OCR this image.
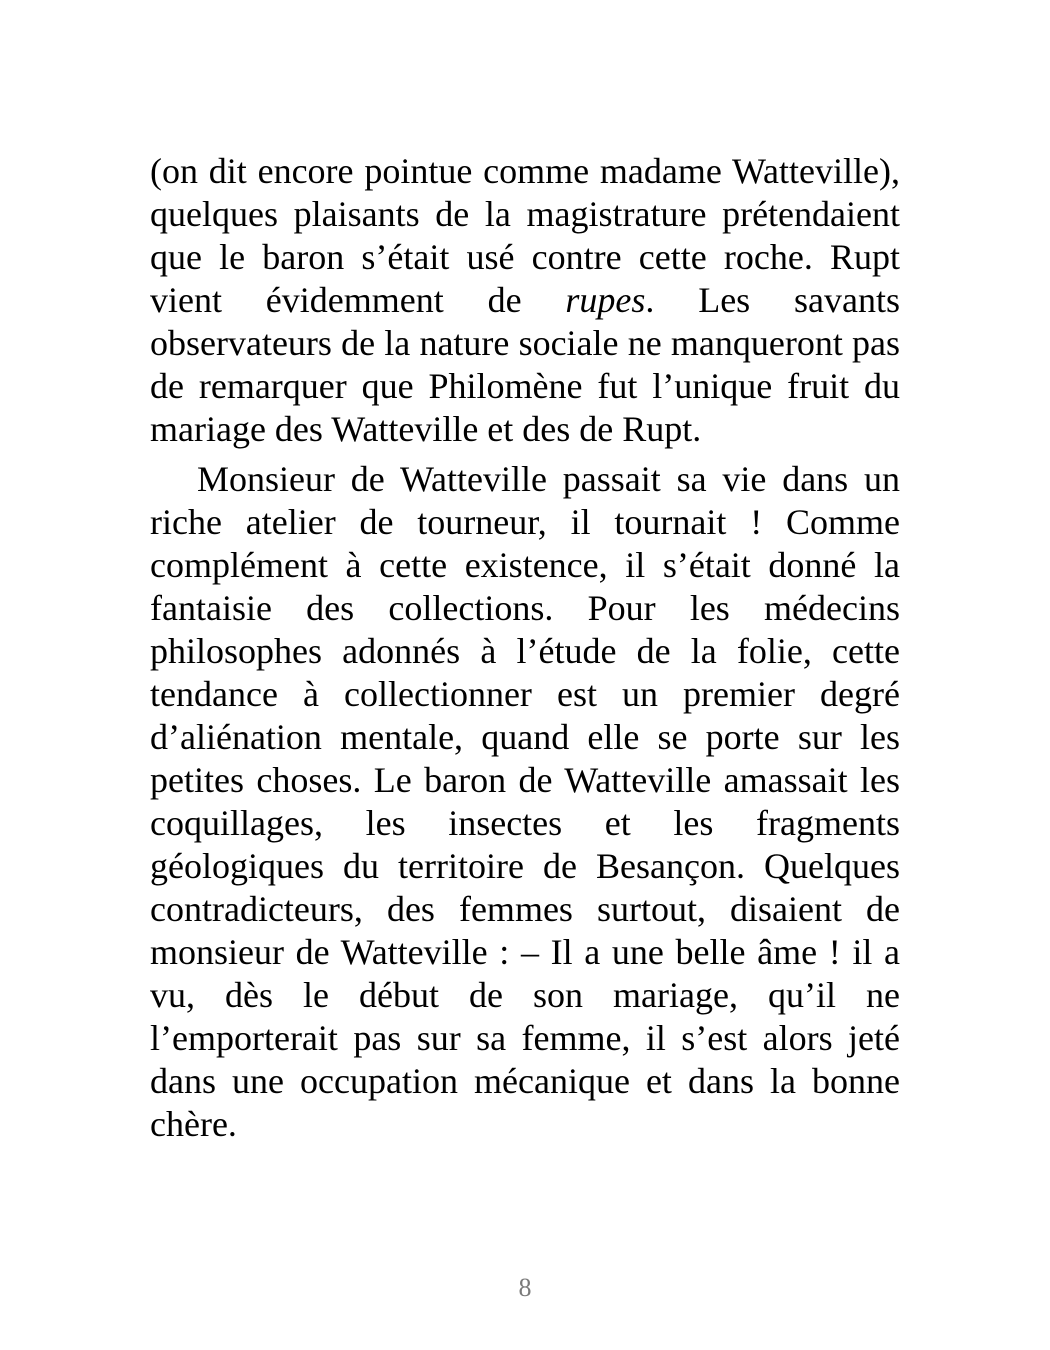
(on dit encore pointue comme madame Watteville), quelques plaisants de la magistrature prétendaient que le baron s’était usé contre cette roche. Rupt vient évidemment de rupes. Les savants observateurs de la nature sociale ne manqueront pas de remarquer que Philomène fut l’unique fruit du mariage des Watteville et des de Rupt.

Monsieur de Watteville passait sa vie dans un riche atelier de tourneur, il tournait ! Comme complément à cette existence, il s’était donné la fantaisie des collections. Pour les médecins philosophes adonnés à l’étude de la folie, cette tendance à collectionner est un premier degré d’aliénation mentale, quand elle se porte sur les petites choses. Le baron de Watteville amassait les coquillages, les insectes et les fragments géologiques du territoire de Besançon. Quelques contradicteurs, des femmes surtout, disaient de monsieur de Watteville : – Il a une belle âme ! il a vu, dès le début de son mariage, qu’il ne l’emporterait pas sur sa femme, il s’est alors jeté dans une occupation mécanique et dans la bonne chère.

8
